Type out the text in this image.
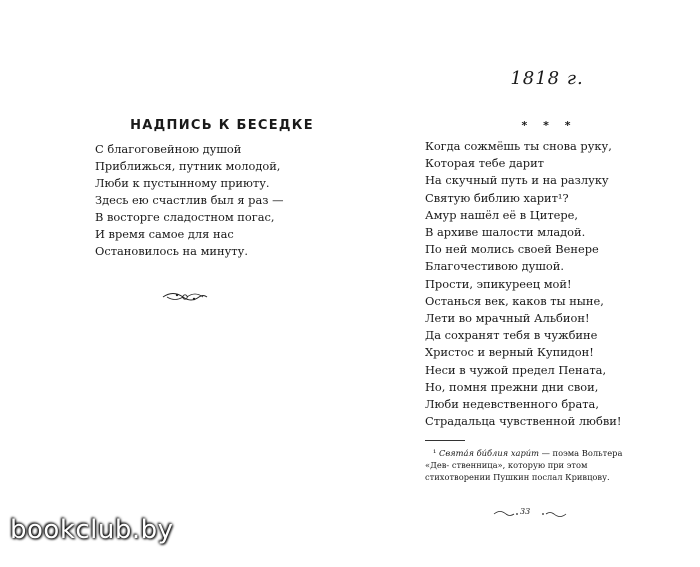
НАДПИСЬ К БЕСЕДКЕ
С благоговейною душой
Приближься, путник молодой,
Люби к пустынному приюту.
Здесь ею счастлив был я раз —
В восторге сладостном погас,
И время самое для нас
Остановилось на минуту.

1818 г.

* * *

Когда сожмёшь ты снова руку,
Которая тебе дарит
На скучный путь и на разлуку
Святую библию харит¹?
Амур нашёл её в Цитере,
В архиве шалости младой.
По ней молись своей Венере
Благочестивою душой.
Прости, эпикуреец мой!
Останься век, каков ты ныне,
Лети во мрачный Альбион!
Да сохранят тебя в чужбине
Христос и верный Купидон!
Неси в чужой предел Пената,
Но, помня прежни дни свои,
Люби недевственного брата,
Страдальца чувственной любви!

¹ Свята́я би́блия хари́т — поэма Вольтера «Дев- ственница», которую при этом стихотворении Пушкин послал Кривцову.

33
bookclub.by
